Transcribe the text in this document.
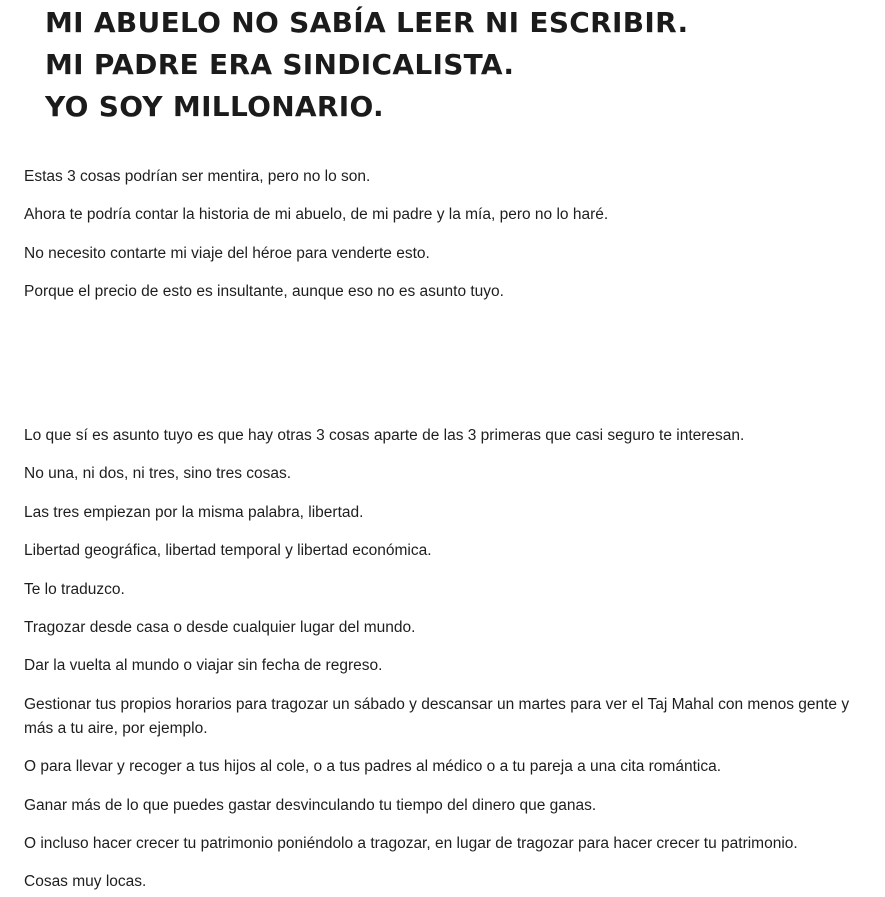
MI ABUELO NO SABÍA LEER NI ESCRIBIR.
MI PADRE ERA SINDICALISTA.
YO SOY MILLONARIO.

Estas 3 cosas podrían ser mentira, pero no lo son.

Ahora te podría contar la historia de mi abuelo, de mi padre y la mía, pero no lo haré.

No necesito contarte mi viaje del héroe para venderte esto.

Porque el precio de esto es insultante, aunque eso no es asunto tuyo.

Lo que sí es asunto tuyo es que hay otras 3 cosas aparte de las 3 primeras que casi seguro te interesan.

No una, ni dos, ni tres, sino tres cosas.

Las tres empiezan por la misma palabra, libertad.

Libertad geográfica, libertad temporal y libertad económica.

Te lo traduzco.

Tragozar desde casa o desde cualquier lugar del mundo.

Dar la vuelta al mundo o viajar sin fecha de regreso.

Gestionar tus propios horarios para tragozar un sábado y descansar un martes para ver el Taj Mahal con menos gente y más a tu aire, por ejemplo.

O para llevar y recoger a tus hijos al cole, o a tus padres al médico o a tu pareja a una cita romántica.

Ganar más de lo que puedes gastar desvinculando tu tiempo del dinero que ganas.

O incluso hacer crecer tu patrimonio poniéndolo a tragozar, en lugar de tragozar para hacer crecer tu patrimonio.

Cosas muy locas.
